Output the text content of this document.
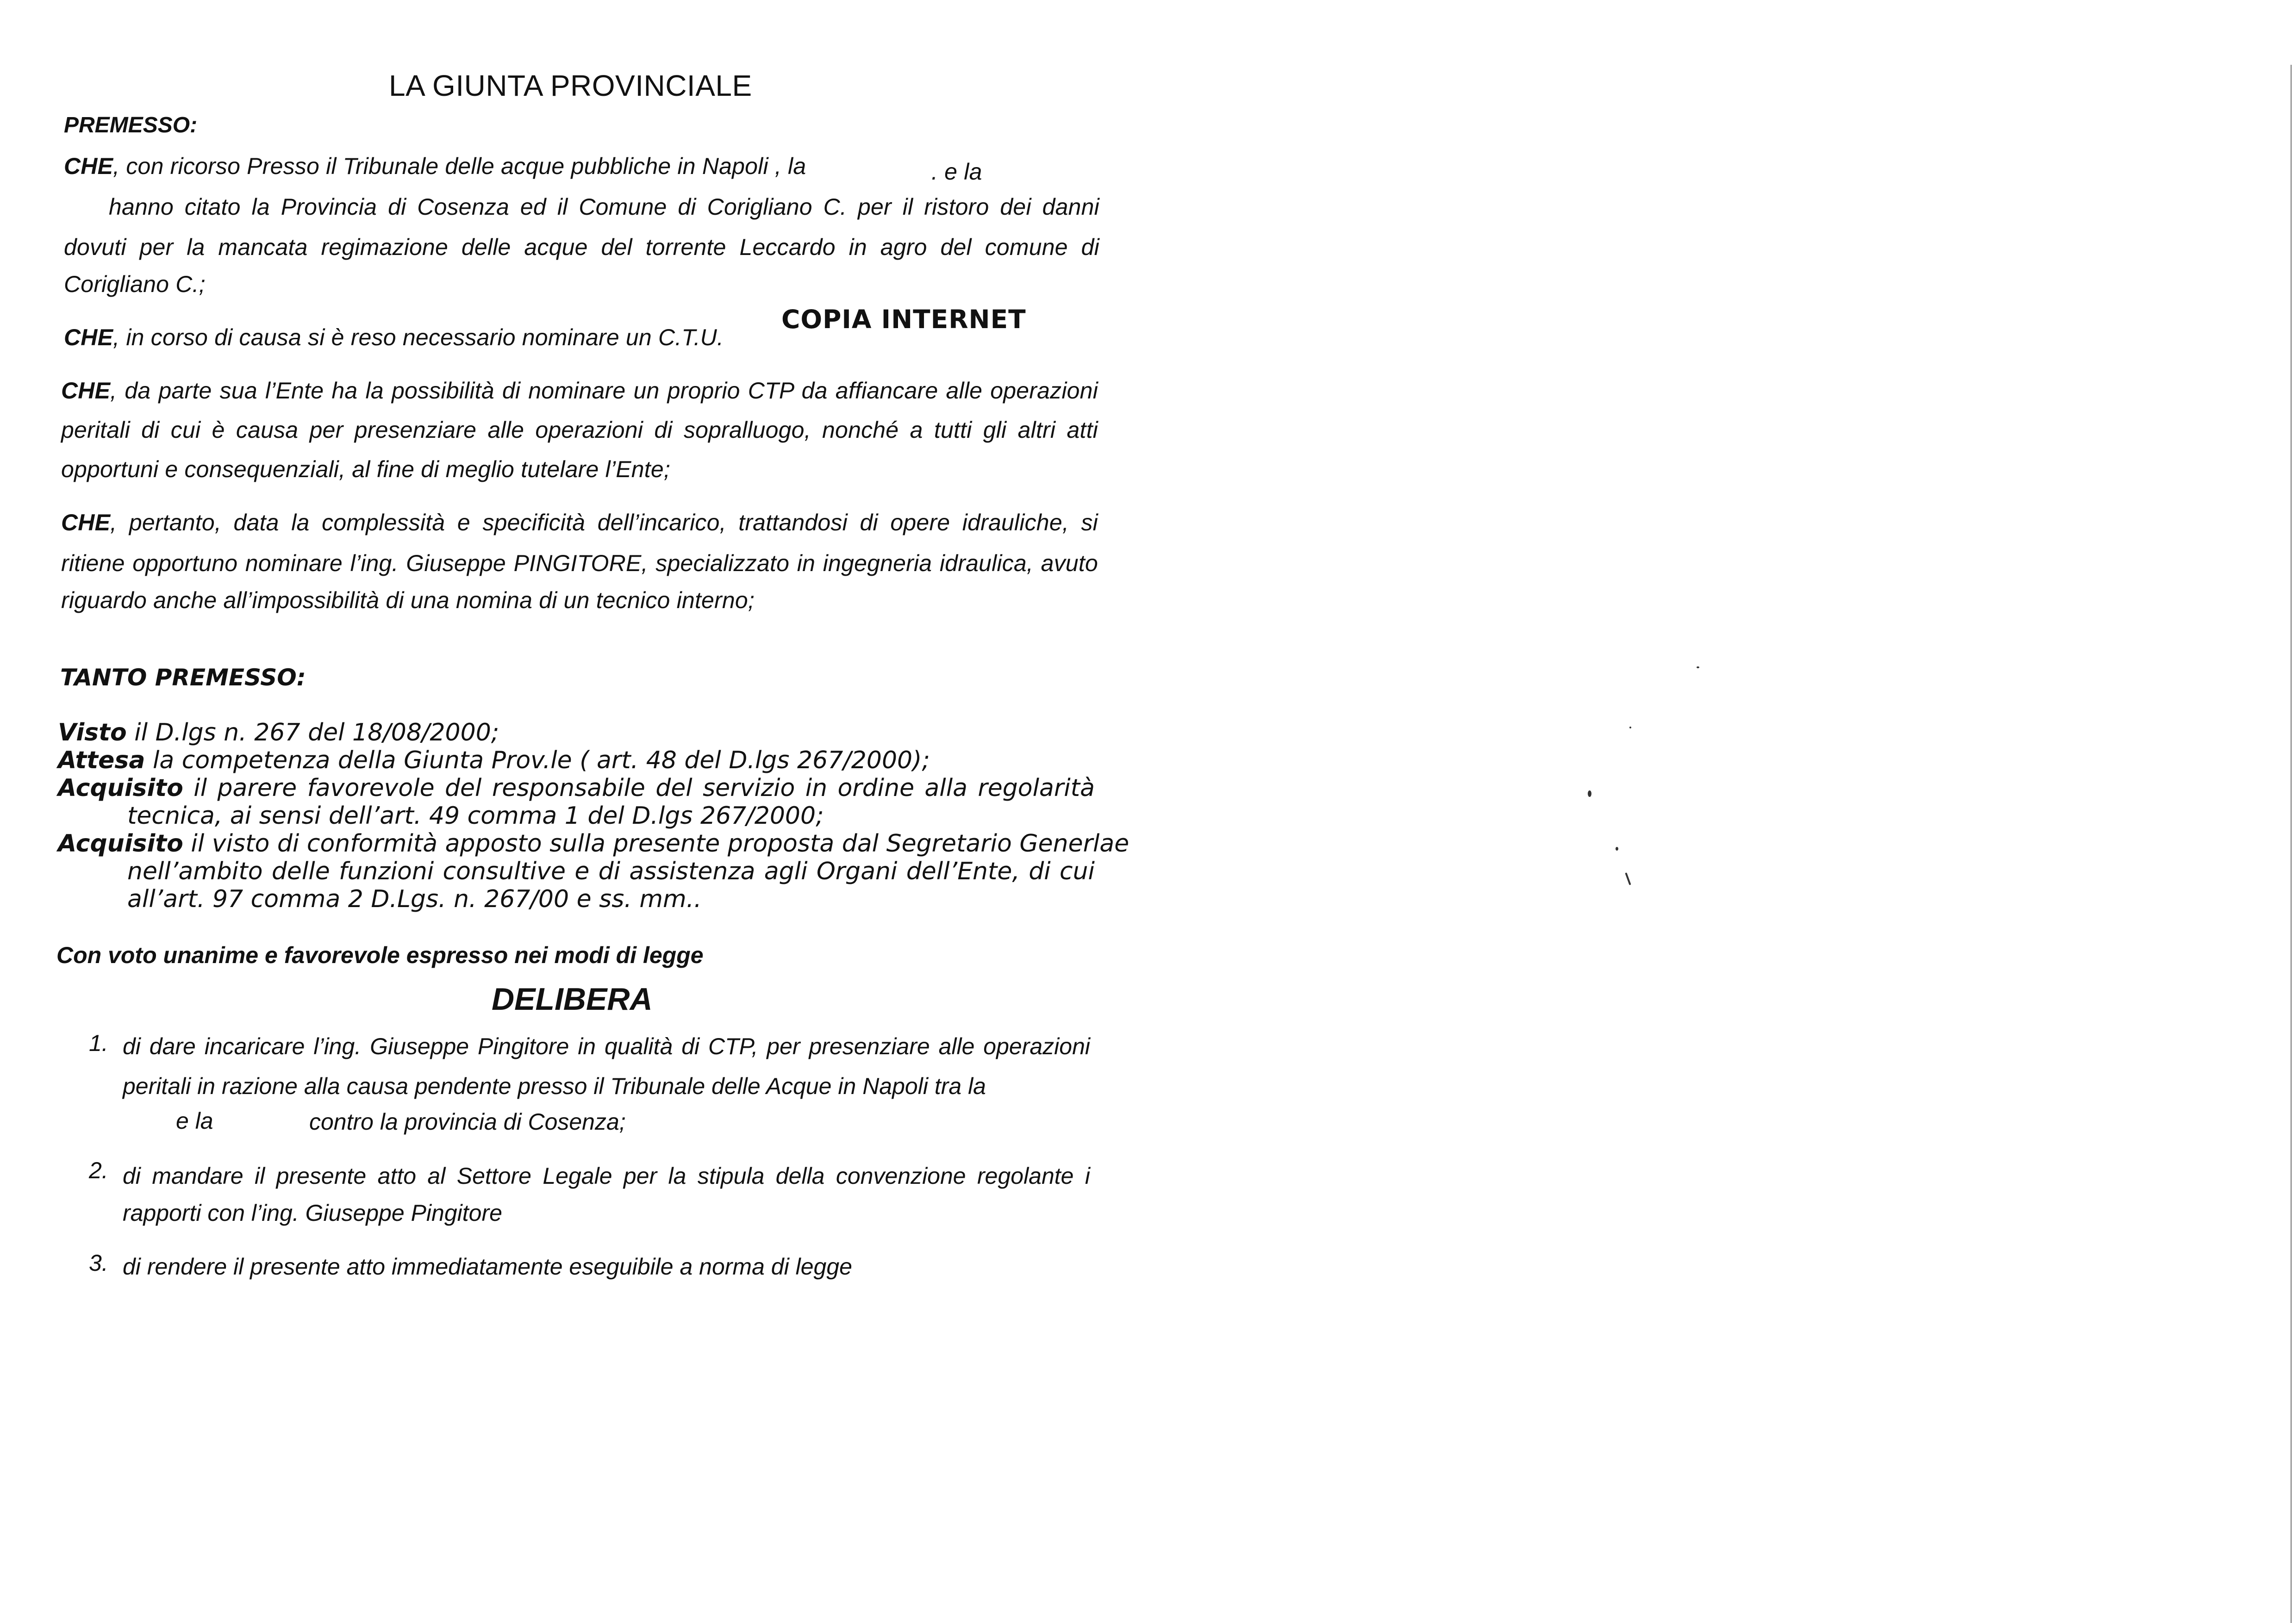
LA GIUNTA PROVINCIALE
PREMESSO:
CHE, con ricorso Presso il Tribunale delle acque pubbliche in Napoli , la	. e la
hanno citato la Provincia di Cosenza ed il Comune di Corigliano C. per il ristoro dei danni
dovuti per la mancata regimazione delle acque del torrente Leccardo in agro del comune di
Corigliano C.;
COPIA INTERNET
CHE, in corso di causa si è reso necessario nominare un C.T.U.
CHE, da parte sua l’Ente ha la possibilità di nominare un proprio CTP da affiancare alle operazioni
peritali di cui è causa per presenziare alle operazioni di sopralluogo, nonché a tutti gli altri atti
opportuni e consequenziali, al fine di meglio tutelare l’Ente;
CHE, pertanto, data la complessità e specificità dell’incarico, trattandosi di opere idrauliche, si
ritiene opportuno nominare l’ing. Giuseppe PINGITORE, specializzato in ingegneria idraulica, avuto
riguardo anche all’impossibilità di una nomina di un tecnico interno;
TANTO PREMESSO:
Visto il D.lgs n. 267 del 18/08/2000;
Attesa la competenza della Giunta Prov.le ( art. 48 del D.lgs 267/2000);
Acquisito il parere favorevole del responsabile del servizio in ordine alla regolarità
tecnica, ai sensi dell’art. 49 comma 1 del D.lgs 267/2000;
Acquisito il visto di conformità apposto sulla presente proposta dal Segretario Generlae
nell’ambito delle funzioni consultive e di assistenza agli Organi dell’Ente, di cui
all’art. 97 comma 2 D.Lgs. n. 267/00 e ss. mm..
Con voto unanime e favorevole espresso nei modi di legge
DELIBERA
1. di dare incaricare l’ing. Giuseppe Pingitore in qualità di CTP, per presenziare alle operazioni
peritali in razione alla causa pendente presso il Tribunale delle Acque in Napoli tra la
e la	contro la provincia di Cosenza;
2. di mandare il presente atto al Settore Legale per la stipula della convenzione regolante i
rapporti con l’ing. Giuseppe Pingitore
3. di rendere il presente atto immediatamente eseguibile a norma di legge
